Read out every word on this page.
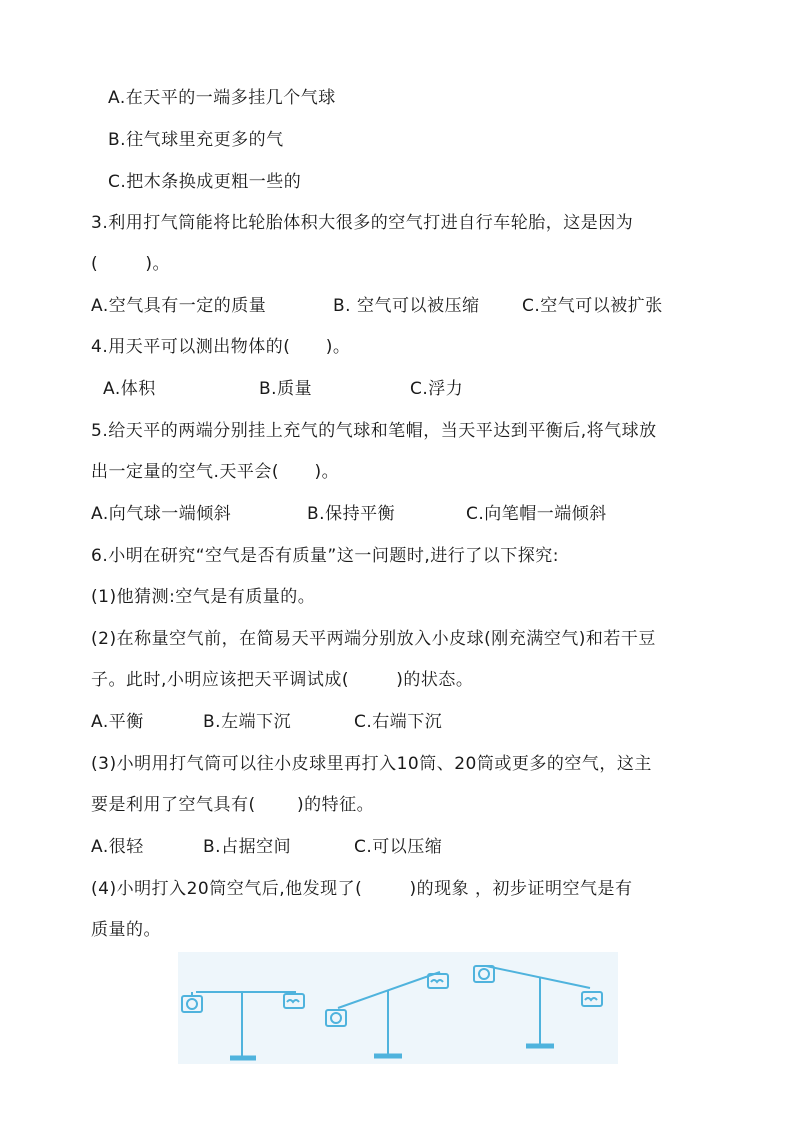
A.在天平的一端多挂几个气球
B.往气球里充更多的气
C.把木条换成更粗一些的
3.利用打气筒能将比轮胎体积大很多的空气打进自行车轮胎，这是因为
(        )。
A.空气具有一定的质量	B. 空气可以被压缩	C.空气可以被扩张
4.用天平可以测出物体的(      )。
A.体积	B.质量	C.浮力
5.给天平的两端分别挂上充气的气球和笔帽，当天平达到平衡后,将气球放
出一定量的空气.天平会(      )。
A.向气球一端倾斜	B.保持平衡	C.向笔帽一端倾斜
6.小明在研究“空气是否有质量”这一问题时,进行了以下探究:
(1)他猜测:空气是有质量的。
(2)在称量空气前，在简易天平两端分别放入小皮球(刚充满空气)和若干豆
子。此时,小明应该把天平调试成(        )的状态。
A.平衡	B.左端下沉	C.右端下沉
(3)小明用打气筒可以往小皮球里再打入10筒、20筒或更多的空气，这主
要是利用了空气具有(       )的特征。
A.很轻	B.占据空间	C.可以压缩
(4)小明打入20筒空气后,他发现了(        )的现象 ，初步证明空气是有
质量的。
